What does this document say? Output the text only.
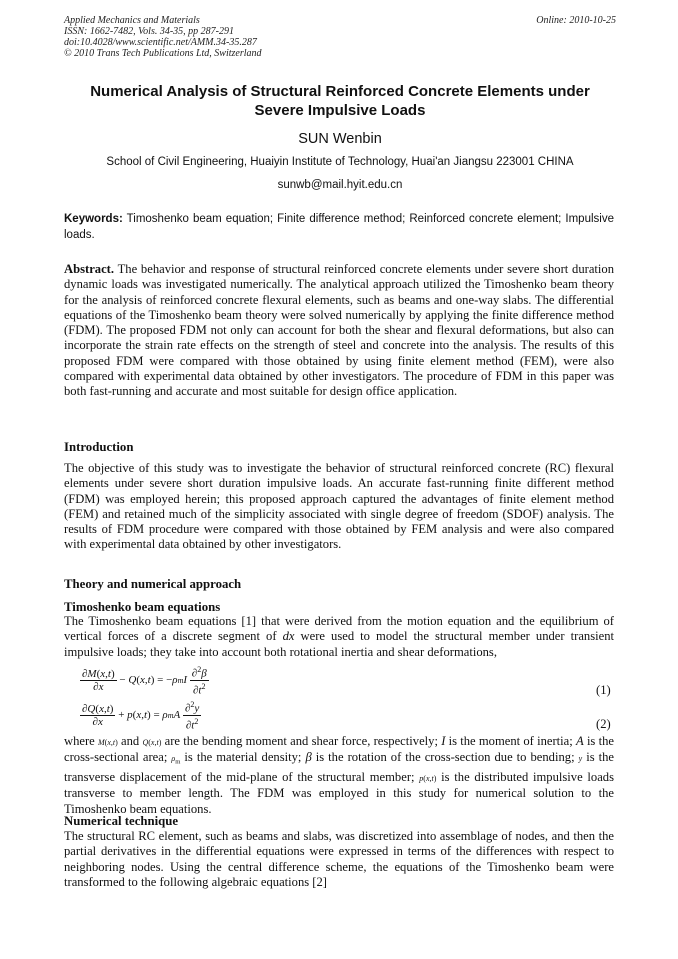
Applied Mechanics and Materials
ISSN: 1662-7482, Vols. 34-35, pp 287-291
doi:10.4028/www.scientific.net/AMM.34-35.287
© 2010 Trans Tech Publications Ltd, Switzerland
Online: 2010-10-25
Numerical Analysis of Structural Reinforced Concrete Elements under
Severe Impulsive Loads
SUN Wenbin
School of Civil Engineering, Huaiyin Institute of Technology, Huai'an Jiangsu 223001 CHINA
sunwb@mail.hyit.edu.cn
Keywords: Timoshenko beam equation; Finite difference method; Reinforced concrete element; Impulsive loads.
Abstract. The behavior and response of structural reinforced concrete elements under severe short duration dynamic loads was investigated numerically. The analytical approach utilized the Timoshenko beam theory for the analysis of reinforced concrete flexural elements, such as beams and one-way slabs. The differential equations of the Timoshenko beam theory were solved numerically by applying the finite difference method (FDM). The proposed FDM not only can account for both the shear and flexural deformations, but also can incorporate the strain rate effects on the strength of steel and concrete into the analysis. The results of this proposed FDM were compared with those obtained by using finite element method (FEM), were also compared with experimental data obtained by other investigators. The procedure of FDM in this paper was both fast-running and accurate and most suitable for design office application.
Introduction
The objective of this study was to investigate the behavior of structural reinforced concrete (RC) flexural elements under severe short duration impulsive loads. An accurate fast-running finite different method (FDM) was employed herein; this proposed approach captured the advantages of finite element method (FEM) and retained much of the simplicity associated with single degree of freedom (SDOF) analysis. The results of FDM procedure were compared with those obtained by FEM analysis and were also compared with experimental data obtained by other investigators.
Theory and numerical approach
Timoshenko beam equations
The Timoshenko beam equations [1] that were derived from the motion equation and the equilibrium of vertical forces of a discrete segment of dx were used to model the structural member under transient impulsive loads; they take into account both rotational inertia and shear deformations,
$\frac{\partial M(x,t)}{\partial x} - Q(x,t) = -\rho mI \frac{\partial^2\beta}{\partial t^2}$	(1)
$\frac{\partial Q(x,t)}{\partial x} + p(x,t) = \rho mA \frac{\partial^2y}{\partial t^2}$	(2)
where M(x,t) and Q(x,t) are the bending moment and shear force, respectively; I is the moment of inertia; A is the cross-sectional area; $\rho_m$ is the material density; β is the rotation of the cross-section due to bending; y is the transverse displacement of the mid-plane of the structural member; p(x,t) is the distributed impulsive loads transverse to member length. The FDM was employed in this study for numerical solution to the Timoshenko beam equations.
Numerical technique
The structural RC element, such as beams and slabs, was discretized into assemblage of nodes, and then the partial derivatives in the differential equations were expressed in terms of the differences with respect to neighboring nodes. Using the central difference scheme, the equations of the Timoshenko beam were transformed to the following algebraic equations [2]
